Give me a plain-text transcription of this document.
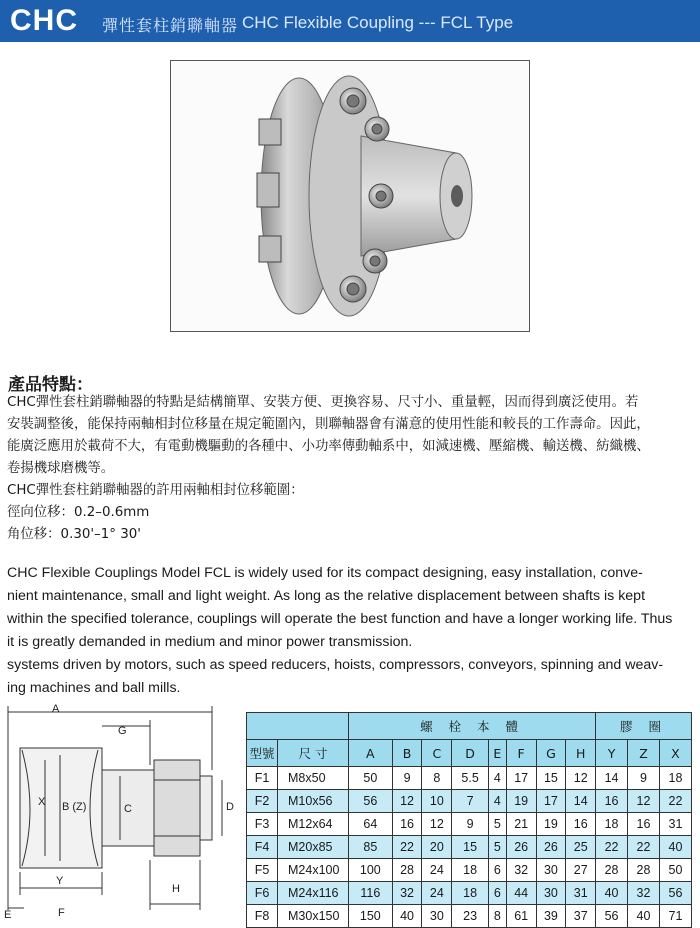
CHC 彈性套柱銷聯軸器 CHC Flexible Coupling --- FCL Type
產品特點：
CHC彈性套柱銷聯軸器的特點是結構簡單、安裝方便、更換容易、尺寸小、重量輕，因而得到廣泛使用。若
安裝調整後，能保持兩軸相封位移量在規定範圍內，則聯軸器會有滿意的使用性能和較長的工作壽命。因此，
能廣泛應用於載荷不大，有電動機驅動的各種中、小功率傳動軸系中，如減速機、壓縮機、輸送機、紡織機、
卷揚機球磨機等。
CHC彈性套柱銷聯軸器的許用兩軸相封位移範圍：
徑向位移：0.2–0.6mm
角位移：0.30'–1° 30'
CHC Flexible Couplings Model FCL is widely used for its compact designing, easy installation, conve-
nient maintenance, small and light weight. As long as the relative displacement between shafts is kept
within the specified tolerance, couplings will operate the best function and have a longer working life. Thus
it is greatly demanded in medium and minor power transmission.
systems driven by motors, such as speed reducers, hoists, compressors, conveyors, spinning and weav-
ing machines and ball mills.
A
G
X B (Z)	C	D
Y
E	F
H
		螺 栓 本 體								膠 圈		
型號	尺 寸	A	B	C	D	E	F	G	H	Y	Z	X
F1	M8x50	50	9	8	5.5	4	17	15	12	14	9	18
F2	M10x56	56	12	10	7	4	19	17	14	16	12	22
F3	M12x64	64	16	12	9	5	21	19	16	18	16	31
F4	M20x85	85	22	20	15	5	26	26	25	22	22	40
F5	M24x100	100	28	24	18	6	32	30	27	28	28	50
F6	M24x116	116	32	24	18	6	44	30	31	40	32	56
F8	M30x150	150	40	30	23	8	61	39	37	56	40	71
